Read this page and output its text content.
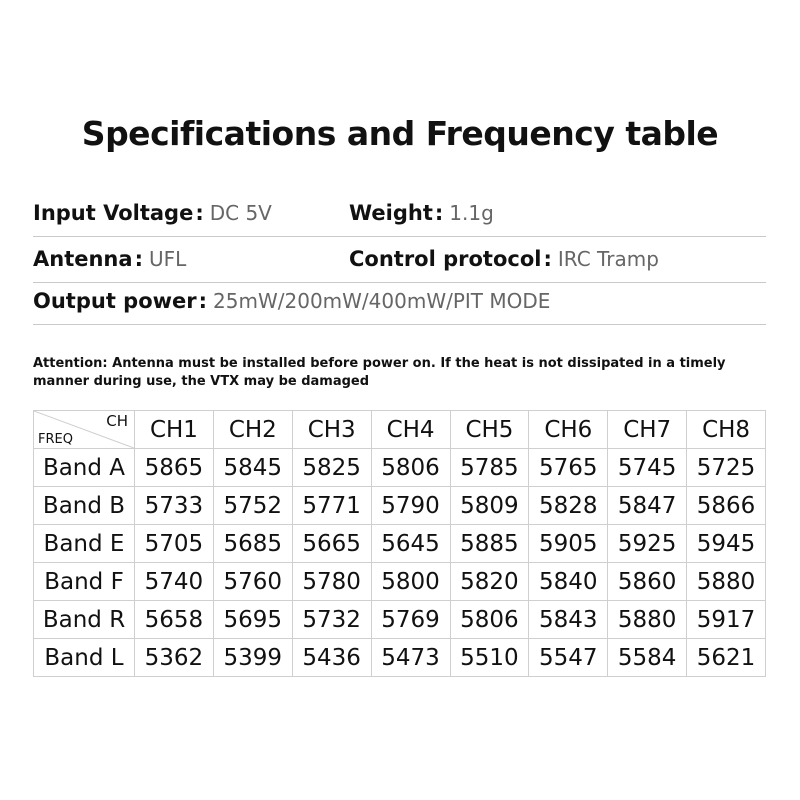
Specifications and Frequency table
Input Voltage: DC 5V	Weight: 1.1g
Antenna: UFL	Control protocol: IRC Tramp
Output power: 25mW/200mW/400mW/PIT MODE
Attention: Antenna must be installed before power on. If the heat is not dissipated in a timely manner during use, the VTX may be damaged
CH
FREQ	CH1	CH2	CH3	CH4	CH5	CH6	CH7	CH8
Band A	5865	5845	5825	5806	5785	5765	5745	5725
Band B	5733	5752	5771	5790	5809	5828	5847	5866
Band E	5705	5685	5665	5645	5885	5905	5925	5945
Band F	5740	5760	5780	5800	5820	5840	5860	5880
Band R	5658	5695	5732	5769	5806	5843	5880	5917
Band L	5362	5399	5436	5473	5510	5547	5584	5621
